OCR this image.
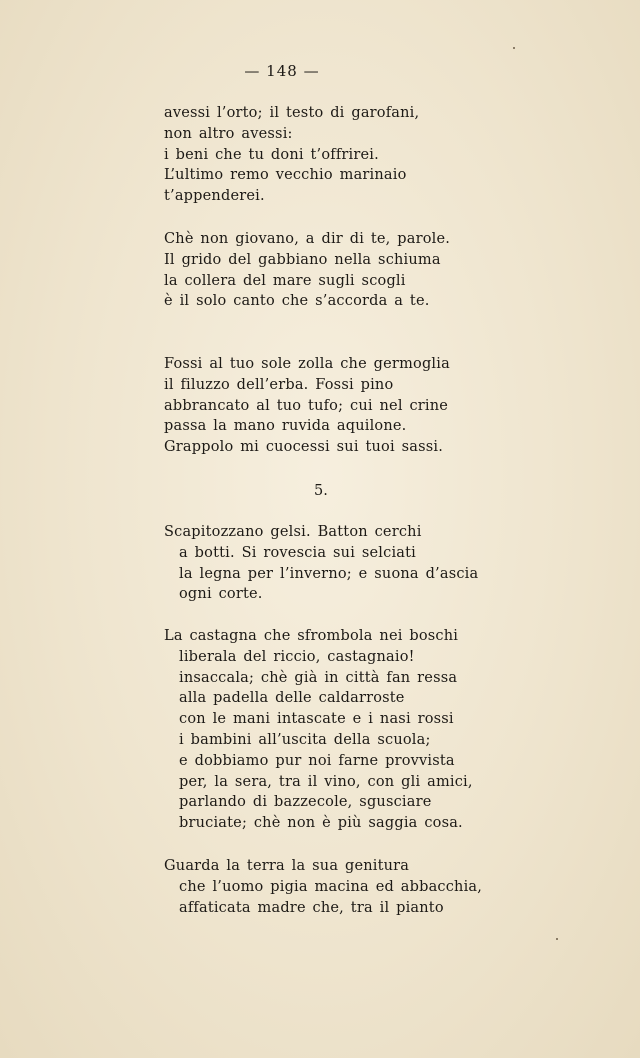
— 148 —
avessi l’orto; il testo di garofani,
non altro avessi:
i beni che tu doni t’offrirei.
L’ultimo remo vecchio marinaio
t’appenderei.
Chè non giovano, a dir di te, parole.
Il grido del gabbiano nella schiuma
la collera del mare sugli scogli
è il solo canto che s’accorda a te.
Fossi al tuo sole zolla che germoglia
il filuzzo dell’erba. Fossi pino
abbrancato al tuo tufo; cui nel crine
passa la mano ruvida aquilone.
Grappolo mi cuocessi sui tuoi sassi.
5.
Scapitozzano gelsi. Batton cerchi
a botti. Si rovescia sui selciati
la legna per l’inverno; e suona d’ascia
ogni corte.
La castagna che sfrombola nei boschi
liberala del riccio, castagnaio!
insaccala; chè già in città fan ressa
alla padella delle caldarroste
con le mani intascate e i nasi rossi
i bambini all’uscita della scuola;
e dobbiamo pur noi farne provvista
per, la sera, tra il vino, con gli amici,
parlando di bazzecole, sgusciare
bruciate; chè non è più saggia cosa.
Guarda la terra la sua genitura
che l’uomo pigia macina ed abbacchia,
affaticata madre che, tra il pianto
